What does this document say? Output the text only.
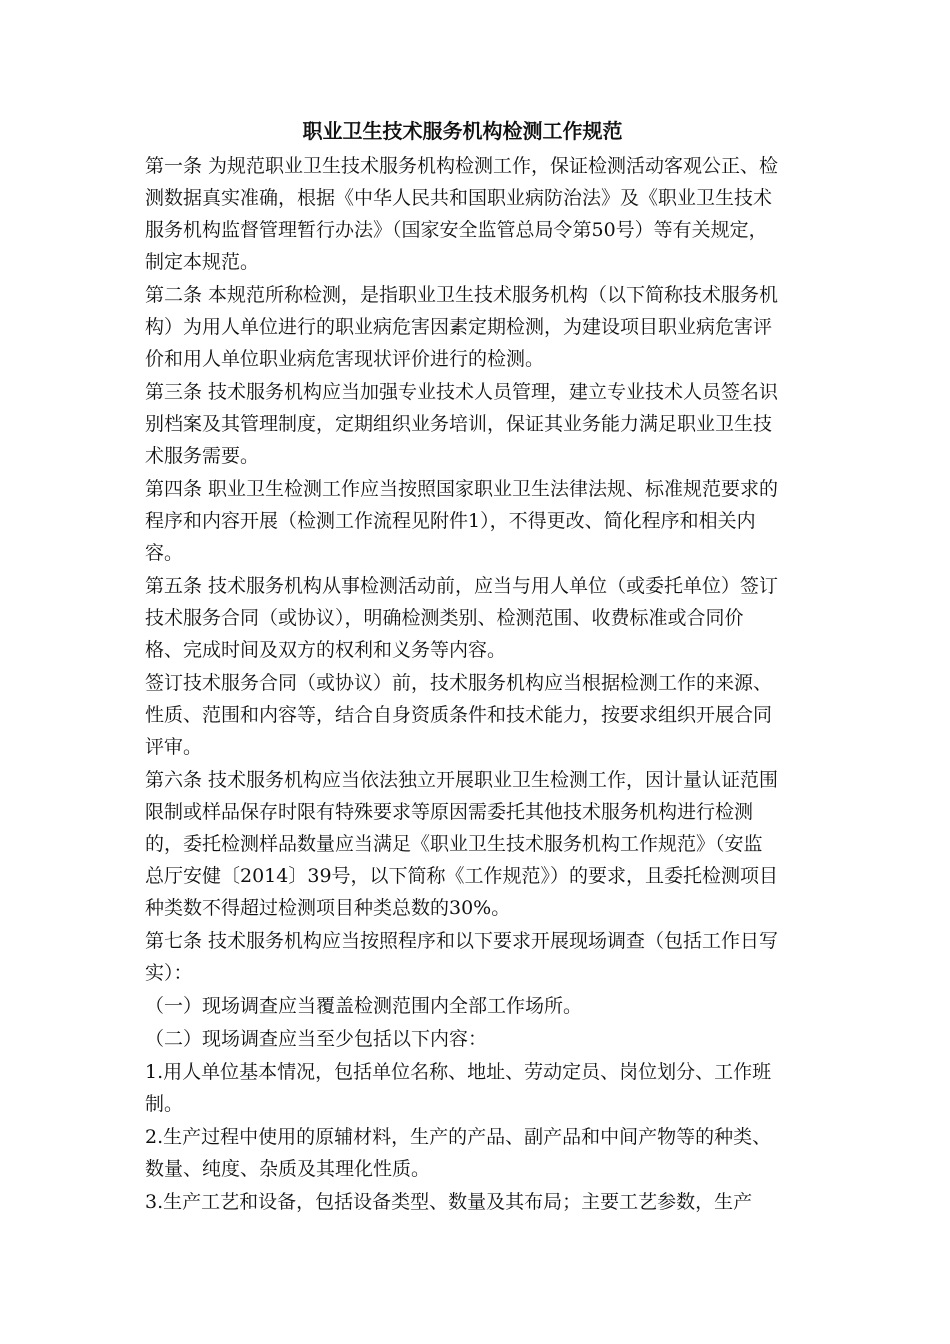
职业卫生技术服务机构检测工作规范

第一条 为规范职业卫生技术服务机构检测工作，保证检测活动客观公正、检测数据真实准确，根据《中华人民共和国职业病防治法》及《职业卫生技术服务机构监督管理暂行办法》（国家安全监管总局令第50号）等有关规定，制定本规范。

第二条 本规范所称检测，是指职业卫生技术服务机构（以下简称技术服务机构）为用人单位进行的职业病危害因素定期检测，为建设项目职业病危害评价和用人单位职业病危害现状评价进行的检测。

第三条 技术服务机构应当加强专业技术人员管理，建立专业技术人员签名识别档案及其管理制度，定期组织业务培训，保证其业务能力满足职业卫生技术服务需要。

第四条 职业卫生检测工作应当按照国家职业卫生法律法规、标准规范要求的程序和内容开展（检测工作流程见附件1），不得更改、简化程序和相关内容。

第五条 技术服务机构从事检测活动前，应当与用人单位（或委托单位）签订技术服务合同（或协议），明确检测类别、检测范围、收费标准或合同价格、完成时间及双方的权利和义务等内容。

签订技术服务合同（或协议）前，技术服务机构应当根据检测工作的来源、性质、范围和内容等，结合自身资质条件和技术能力，按要求组织开展合同评审。

第六条 技术服务机构应当依法独立开展职业卫生检测工作，因计量认证范围限制或样品保存时限有特殊要求等原因需委托其他技术服务机构进行检测的，委托检测样品数量应当满足《职业卫生技术服务机构工作规范》（安监总厅安健〔2014〕39号，以下简称《工作规范》）的要求，且委托检测项目种类数不得超过检测项目种类总数的30%。

第七条 技术服务机构应当按照程序和以下要求开展现场调查（包括工作日写实）：

（一）现场调查应当覆盖检测范围内全部工作场所。

（二）现场调查应当至少包括以下内容：

1.用人单位基本情况，包括单位名称、地址、劳动定员、岗位划分、工作班制。

2.生产过程中使用的原辅材料，生产的产品、副产品和中间产物等的种类、数量、纯度、杂质及其理化性质。

3.生产工艺和设备，包括设备类型、数量及其布局；主要工艺参数，生产
